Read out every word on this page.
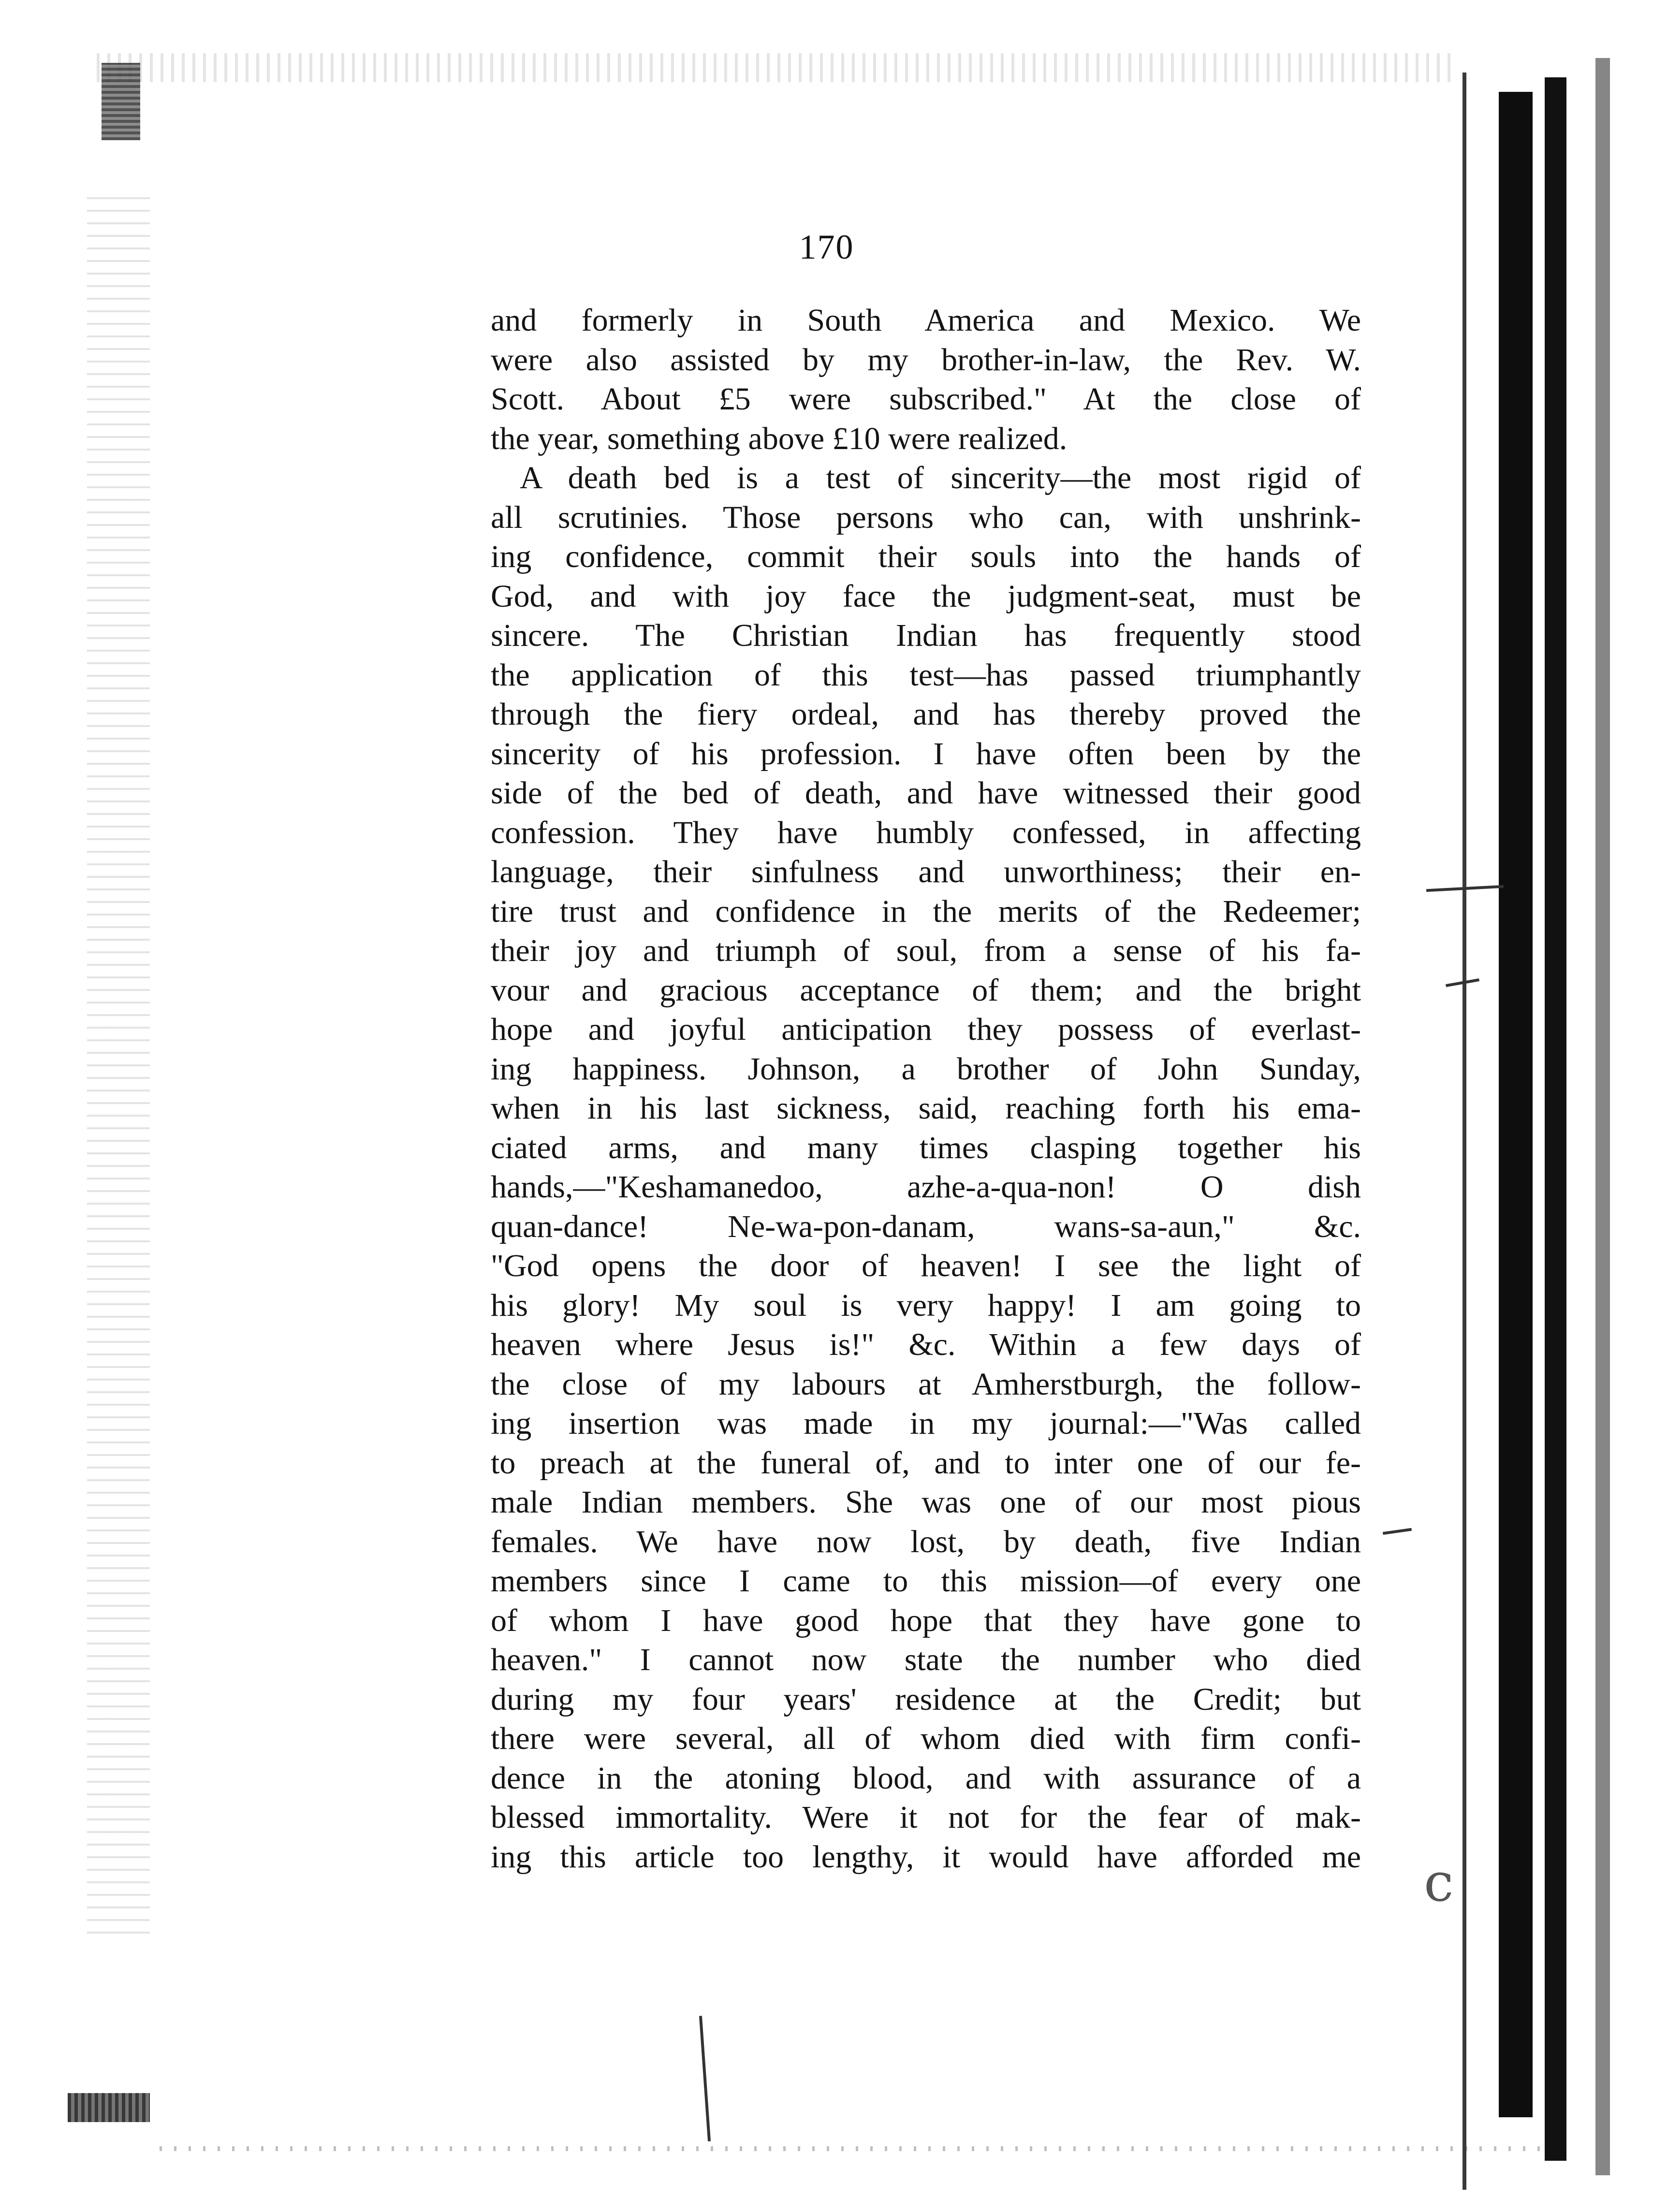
c
170
and formerly in South America and Mexico. We
were also assisted by my brother-in-law, the Rev. W.
Scott. About £5 were subscribed." At the close of
the year, something above £10 were realized.
A death bed is a test of sincerity—the most rigid of
all scrutinies. Those persons who can, with unshrink-
ing confidence, commit their souls into the hands of
God, and with joy face the judgment-seat, must be
sincere. The Christian Indian has frequently stood
the application of this test—has passed triumphantly
through the fiery ordeal, and has thereby proved the
sincerity of his profession. I have often been by the
side of the bed of death, and have witnessed their good
confession. They have humbly confessed, in affecting
language, their sinfulness and unworthiness; their en-
tire trust and confidence in the merits of the Redeemer;
their joy and triumph of soul, from a sense of his fa-
vour and gracious acceptance of them; and the bright
hope and joyful anticipation they possess of everlast-
ing happiness. Johnson, a brother of John Sunday,
when in his last sickness, said, reaching forth his ema-
ciated arms, and many times clasping together his
hands,—"Keshamanedoo, azhe-a-qua-non! O dish
quan-dance! Ne-wa-pon-danam, wans-sa-aun," &c.
"God opens the door of heaven! I see the light of
his glory! My soul is very happy! I am going to
heaven where Jesus is!" &c. Within a few days of
the close of my labours at Amherstburgh, the follow-
ing insertion was made in my journal:—"Was called
to preach at the funeral of, and to inter one of our fe-
male Indian members. She was one of our most pious
females. We have now lost, by death, five Indian
members since I came to this mission—of every one
of whom I have good hope that they have gone to
heaven." I cannot now state the number who died
during my four years' residence at the Credit; but
there were several, all of whom died with firm confi-
dence in the atoning blood, and with assurance of a
blessed immortality. Were it not for the fear of mak-
ing this article too lengthy, it would have afforded me
